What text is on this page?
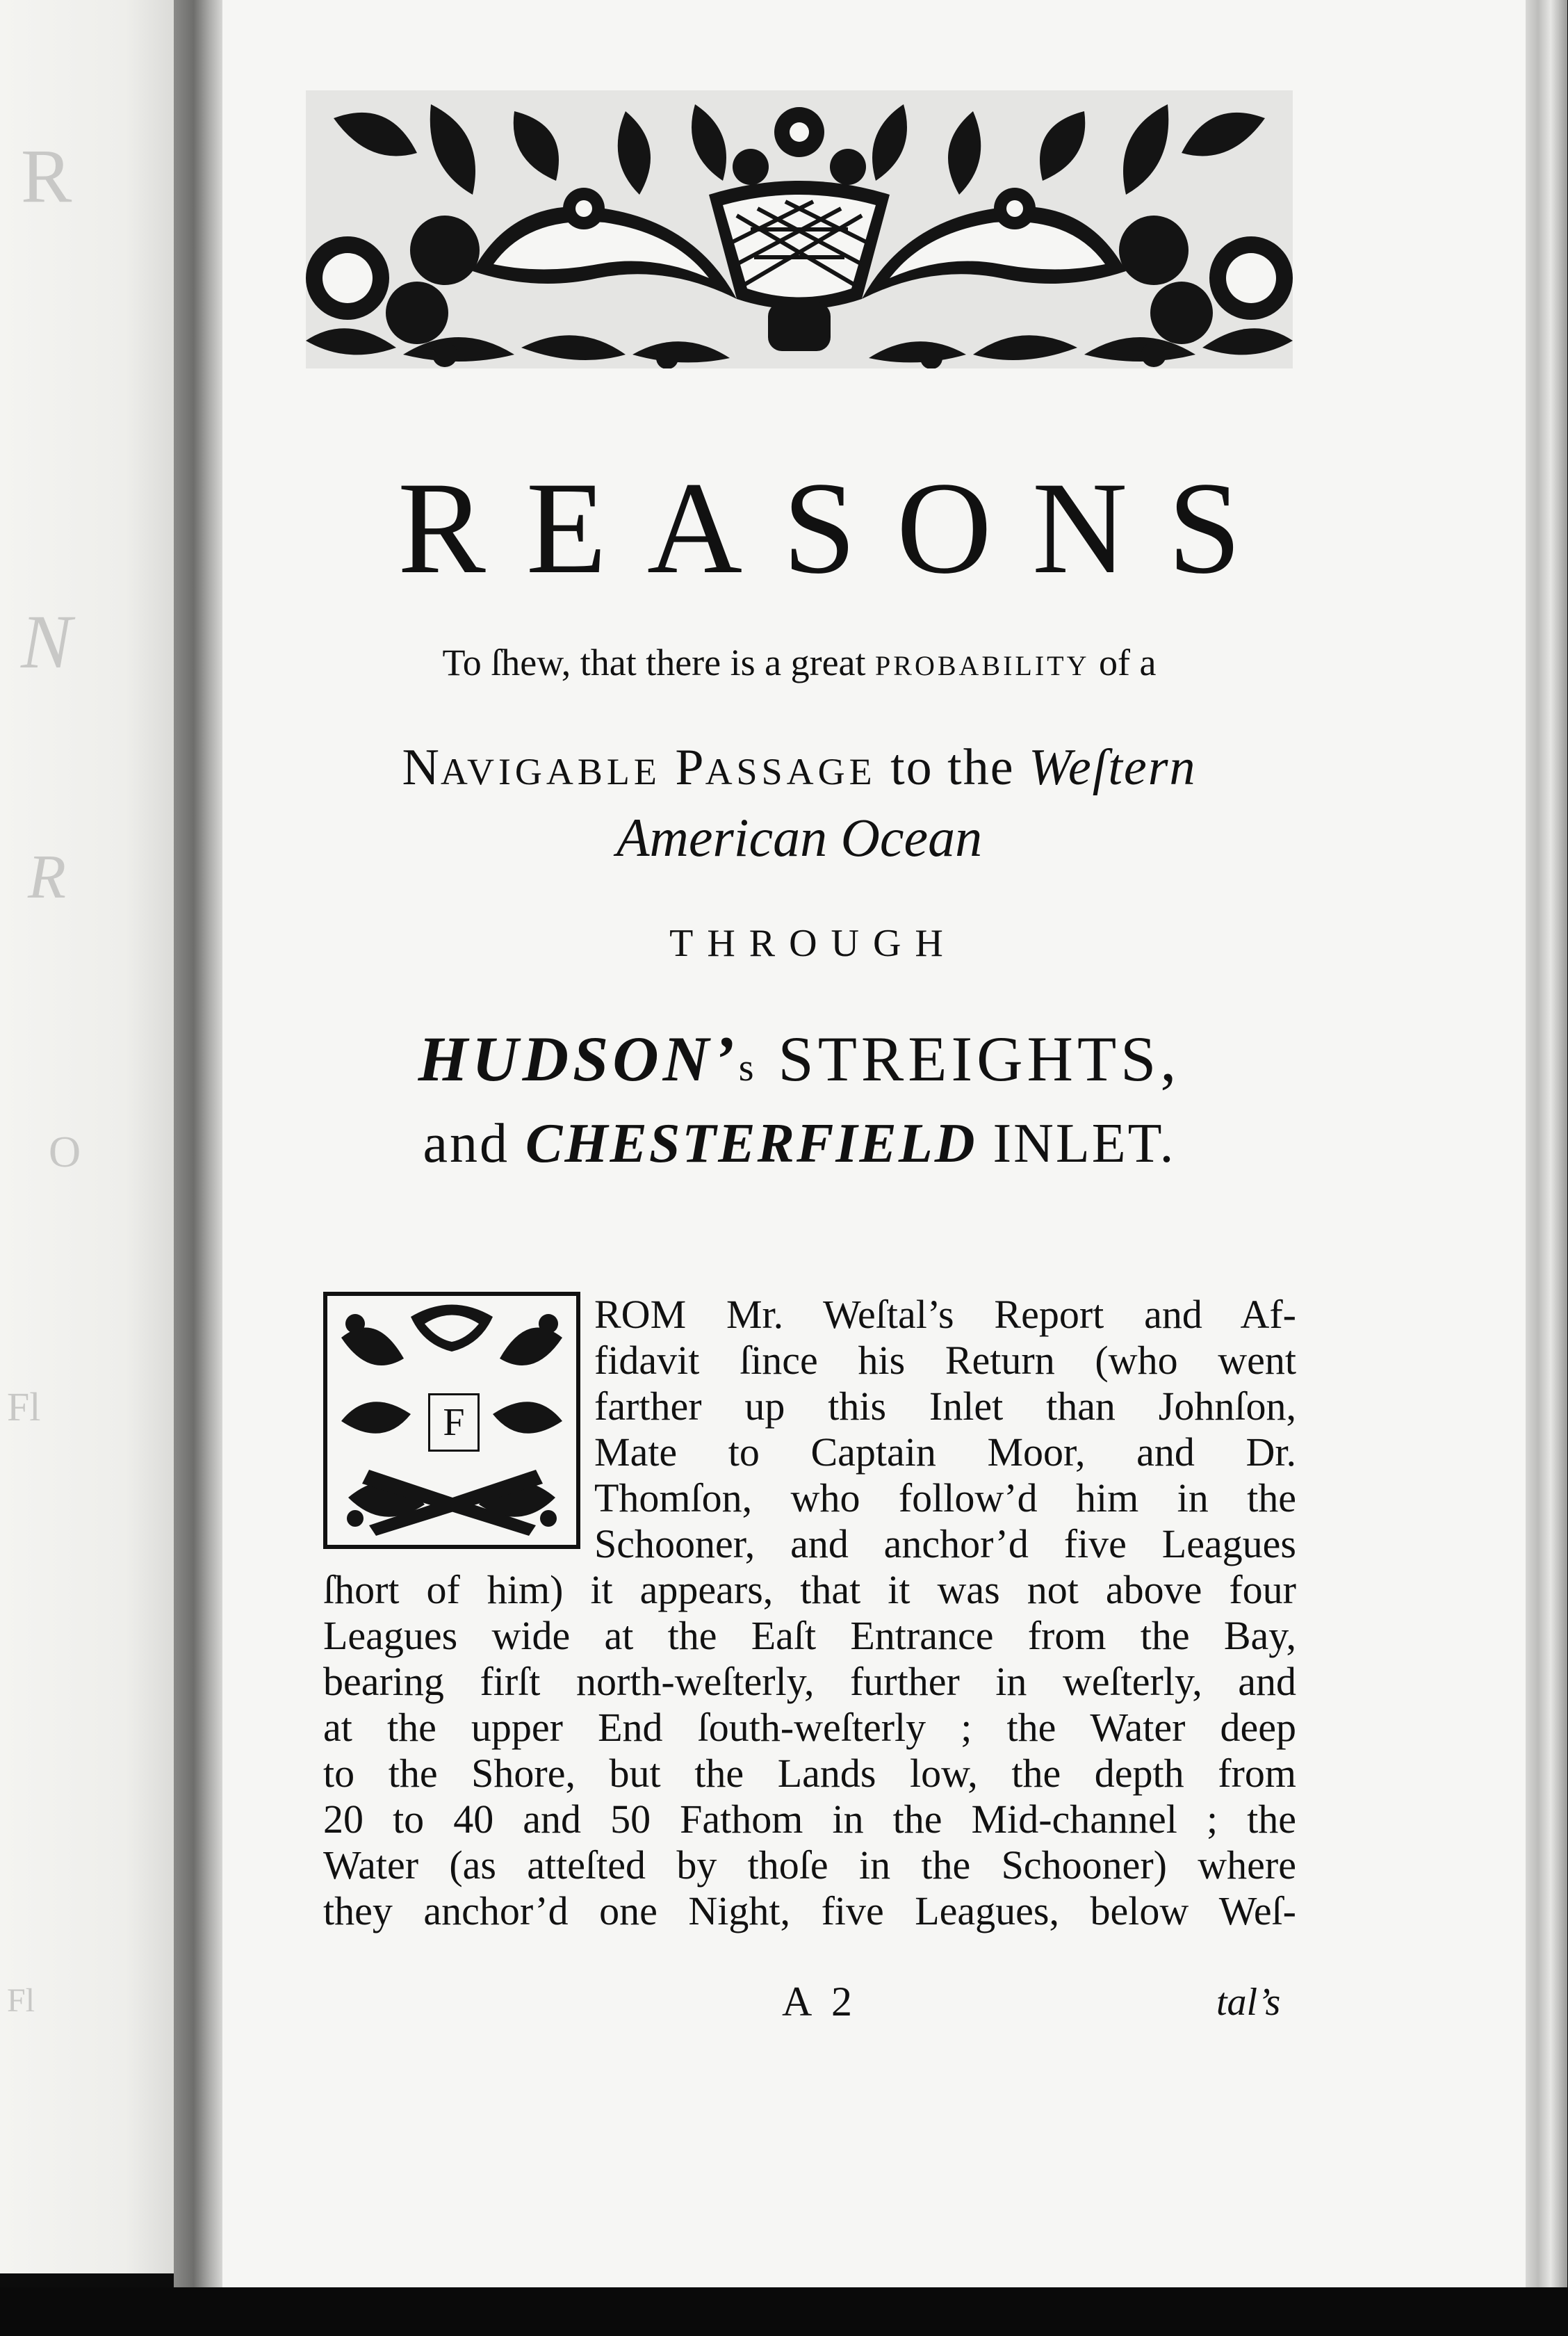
R
N
R
O
Fl
Fl
REASONS
To ſhew, that there is a great PROBABILITY of a
NAVIGABLE PASSAGE to the Weſtern
American Ocean
THROUGH
HUDSON’s STREIGHTS,
and CHESTERFIELD INLET.
F
ROM Mr. Weſtal’s Report and Af-
fidavit ſince his Return (who went
farther up this Inlet than Johnſon,
Mate to Captain Moor, and Dr.
Thomſon, who follow’d him in the
Schooner, and anchor’d five Leagues
ſhort of him) it appears, that it was not above four
Leagues wide at the Eaſt Entrance from the Bay,
bearing firſt north-weſterly, further in weſterly, and
at the upper End ſouth-weſterly ; the Water deep
to the Shore, but the Lands low, the depth from
20 to 40 and 50 Fathom in the Mid-channel ; the
Water (as atteſted by thoſe in the Schooner) where
they anchor’d one Night, five Leagues, below Weſ-
A 2	tal’s
